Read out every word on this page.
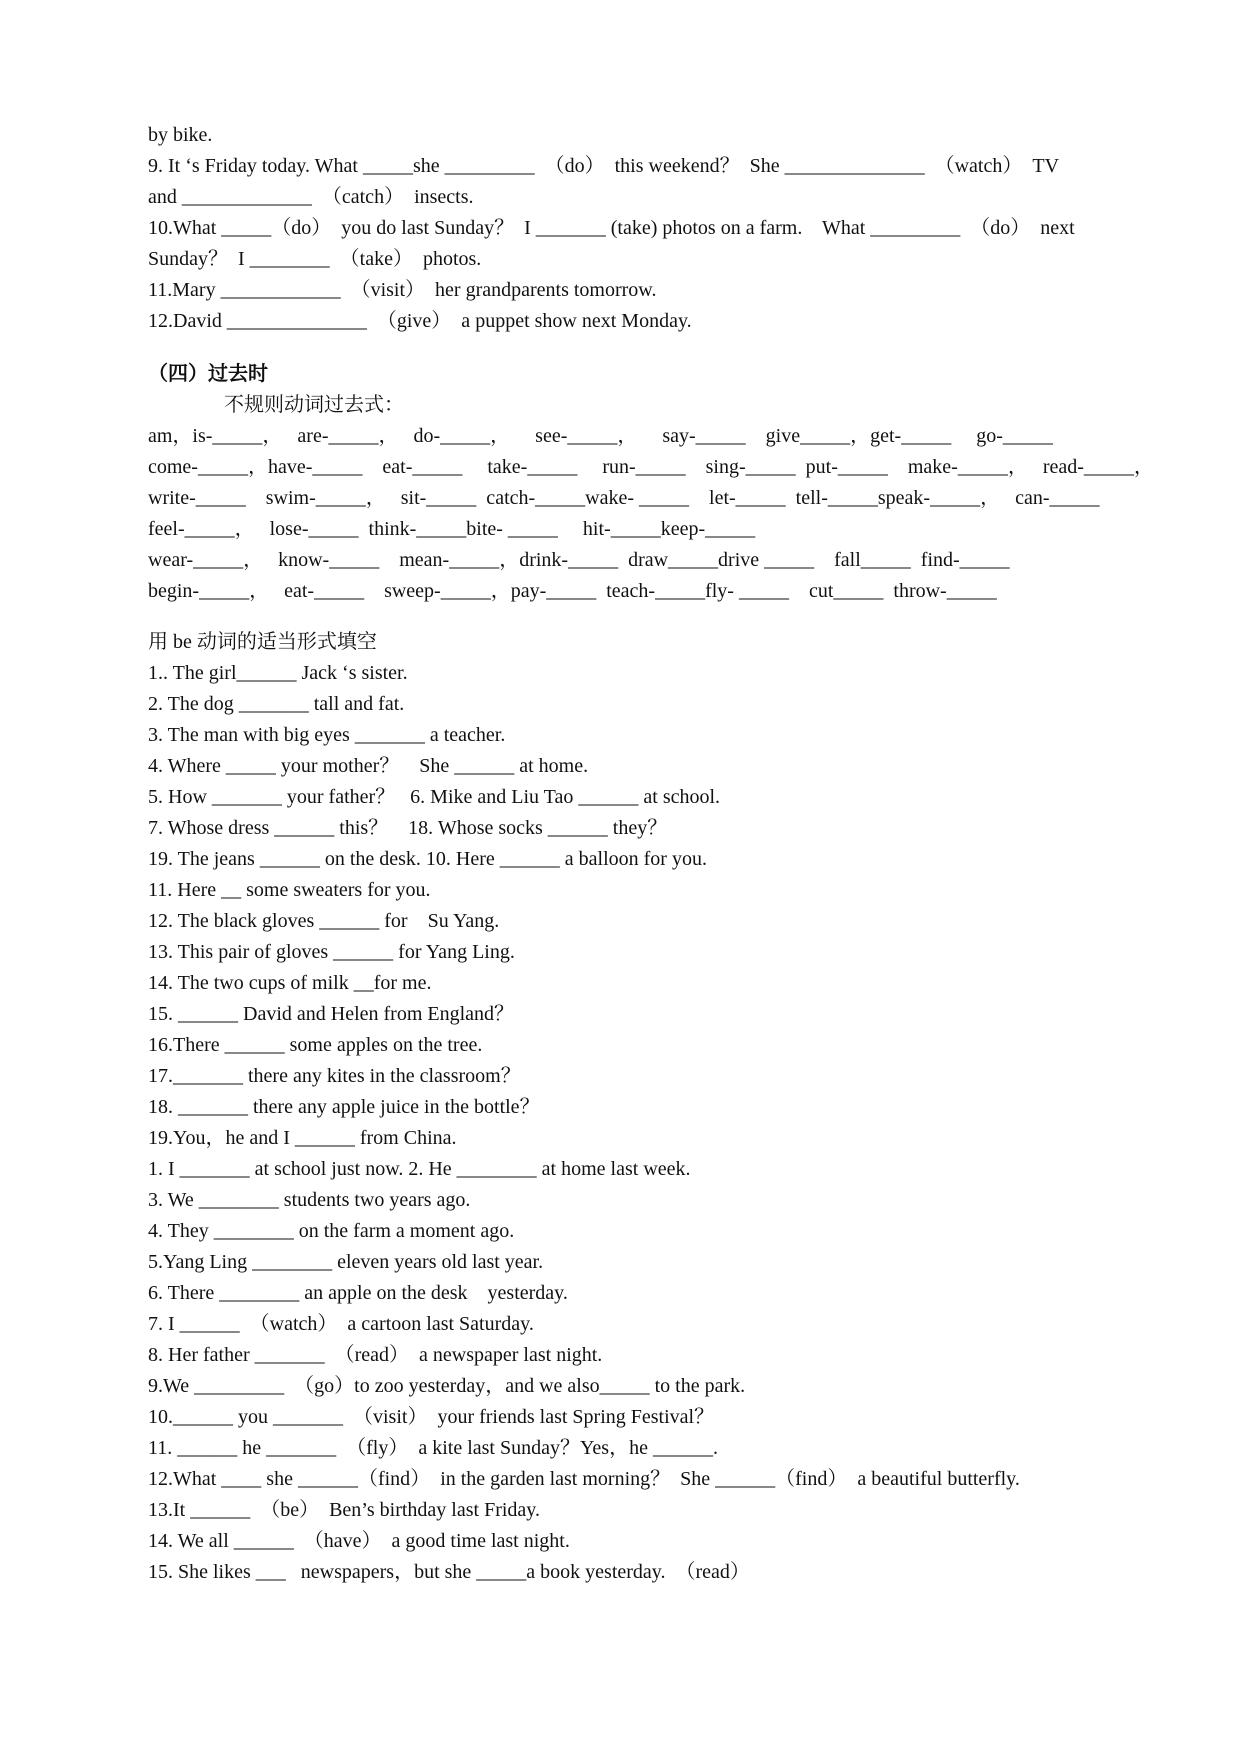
by bike.
9. It ‘s Friday today. What _____she _________  （do）  this weekend？  She ______________  （watch）  TV
and _____________  （catch）  insects.
10.What _____（do）  you do last Sunday？  I _______ (take) photos on a farm.    What _________  （do）  next
Sunday？  I ________  （take）  photos.
11.Mary ____________  （visit）  her grandparents tomorrow.
12.David ______________  （give）  a puppet show next Monday.
（四）过去时
不规则动词过去式：
am，is-_____，   are-_____，   do-_____，     see-_____，     say-_____    give_____，get-_____     go-_____
come-_____，have-_____    eat-_____     take-_____     run-_____    sing-_____  put-_____    make-_____，   read-_____，
write-_____    swim-_____，   sit-_____  catch-_____wake- _____    let-_____  tell-_____speak-_____，   can-_____
feel-_____，   lose-_____  think-_____bite- _____     hit-_____keep-_____
wear-_____，   know-_____    mean-_____，drink-_____  draw_____drive _____    fall_____  find-_____
begin-_____，   eat-_____    sweep-_____，pay-_____  teach-_____fly- _____    cut_____  throw-_____
用 be 动词的适当形式填空
1.. The girl______ Jack ‘s sister.
2. The dog _______ tall and fat.
3. The man with big eyes _______ a teacher.
4. Where _____ your mother？    She ______ at home.
5. How _______ your father？   6. Mike and Liu Tao ______ at school.
7. Whose dress ______ this？    18. Whose socks ______ they？
19. The jeans ______ on the desk. 10. Here ______ a balloon for you.
11. Here __ some sweaters for you.
12. The black gloves ______ for    Su Yang.
13. This pair of gloves ______ for Yang Ling.
14. The two cups of milk __for me.
15. ______ David and Helen from England？
16.There ______ some apples on the tree.
17._______ there any kites in the classroom？
18. _______ there any apple juice in the bottle？
19.You，he and I ______ from China.
1. I _______ at school just now. 2. He ________ at home last week.
3. We ________ students two years ago.
4. They ________ on the farm a moment ago.
5.Yang Ling ________ eleven years old last year.
6. There ________ an apple on the desk    yesterday.
7. I ______  （watch）  a cartoon last Saturday.
8. Her father _______  （read）  a newspaper last night.
9.We _________  （go）to zoo yesterday，and we also_____ to the park.
10.______ you _______  （visit）  your friends last Spring Festival？
11. ______ he _______  （fly）  a kite last Sunday？Yes，he ______.
12.What ____ she ______（find）  in the garden last morning？  She ______（find）  a beautiful butterfly.
13.It ______  （be）  Ben’s birthday last Friday.
14. We all ______  （have）  a good time last night.
15. She likes ___   newspapers，but she _____a book yesterday.  （read）
